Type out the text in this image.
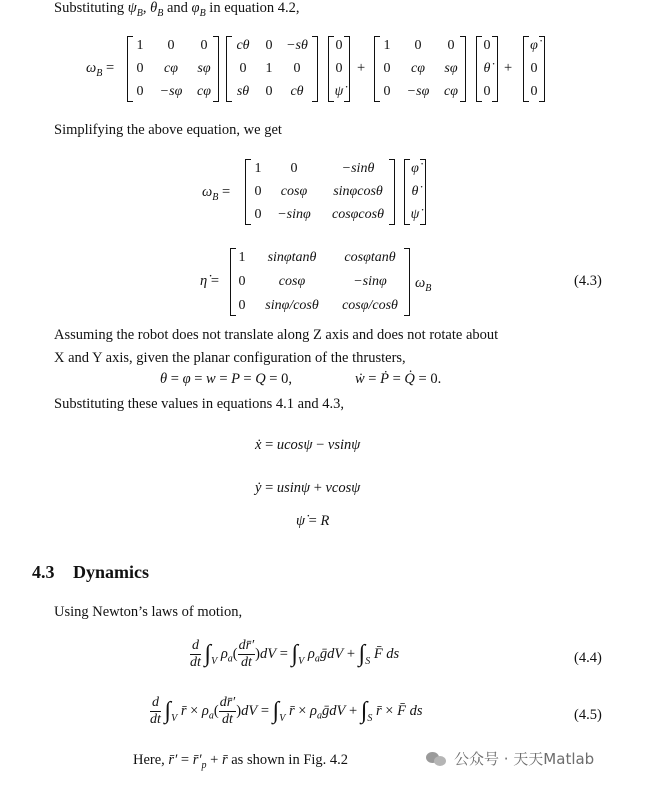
Substituting $\psi_B$, $\theta_B$ and $\varphi_B$ in equation 4.2,
$\omega_B$ =
1 0 0
0 cφ sφ
0 −sφ cφ
cθ 0 −sθ
0 1 0
sθ 0 cθ
0
0
ψ̇
+
1 0 0
0 cφ sφ
0 −sφ cφ
0
θ̇
0
+
φ̇
0
0
Simplifying the above equation, we get
$\omega_B$ =
1 0	−sinθ
0 cosφ sinφcosθ
0 −sinφ cosφcosθ
φ̇
θ̇
ψ̇
η̇ =
1 sinφtanθ cosφtanθ
0 cosφ	−sinφ
0 sinφ/cosθ cosφ/cosθ
$\omega_B$	(4.3)
Assuming the robot does not translate along Z axis and does not rotate about
X and Y axis, given the planar configuration of the thrusters,
θ = φ = w = P = Q = 0,	ẇ = Ṗ = Q̇ = 0.
Substituting these values in equations 4.1 and 4.3,
ẋ = ucosψ − vsinψ
ẏ = usinψ + vcosψ
ψ̇ = R
4.3 Dynamics
Using Newton’s laws of motion,
$\frac{d}{dt} \int_V$ $\rho_a( \frac{dr̄'}{dt} )dV = \int_V$ $\rho_aḡdV + \int_S$ F̄ ds	(4.4)
$\frac{d}{dt} \int_V$ r̄ × $\rho_a( \frac{dr̄'}{dt} )dV = \int_V$ r̄ × $\rho_aḡdV + \int_S$ r̄ × F̄ ds	(4.5)
Here, r̄′ = $r̄'_p$ + r̄ as shown in Fig. 4.2	公众号 · 天天Matlab
